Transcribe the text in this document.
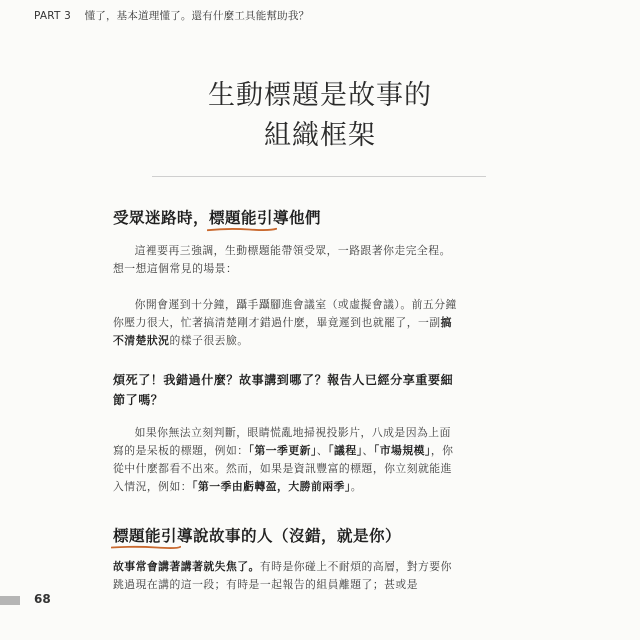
PART 3 懂了，基本道理懂了。還有什麼工具能幫助我？
生動標題是故事的
組織框架
受眾迷路時，標題能引導他們

這裡要再三強調，生動標題能帶領受眾，一路跟著你走完全程。想一想這個常見的場景：

你開會遲到十分鐘，躡手躡腳進會議室（或虛擬會議）。前五分鐘你壓力很大，忙著搞清楚剛才錯過什麼，畢竟遲到也就罷了，一副搞不清楚狀況的樣子很丟臉。

煩死了！我錯過什麼？故事講到哪了？報告人已經分享重要細節了嗎？

如果你無法立刻判斷，眼睛慌亂地掃視投影片，八成是因為上面寫的是呆板的標題，例如：「第一季更新」、「議程」、「市場規模」，你從中什麼都看不出來。然而，如果是資訊豐富的標題，你立刻就能進入情況，例如：「第一季由虧轉盈，大勝前兩季」。

標題能引導說故事的人
（沒錯，就是你）

故事常會講著講著就失焦了。有時是你碰上不耐煩的高層，對方要你跳過現在講的這一段；有時是一起報告的組員離題了；甚或是

68
